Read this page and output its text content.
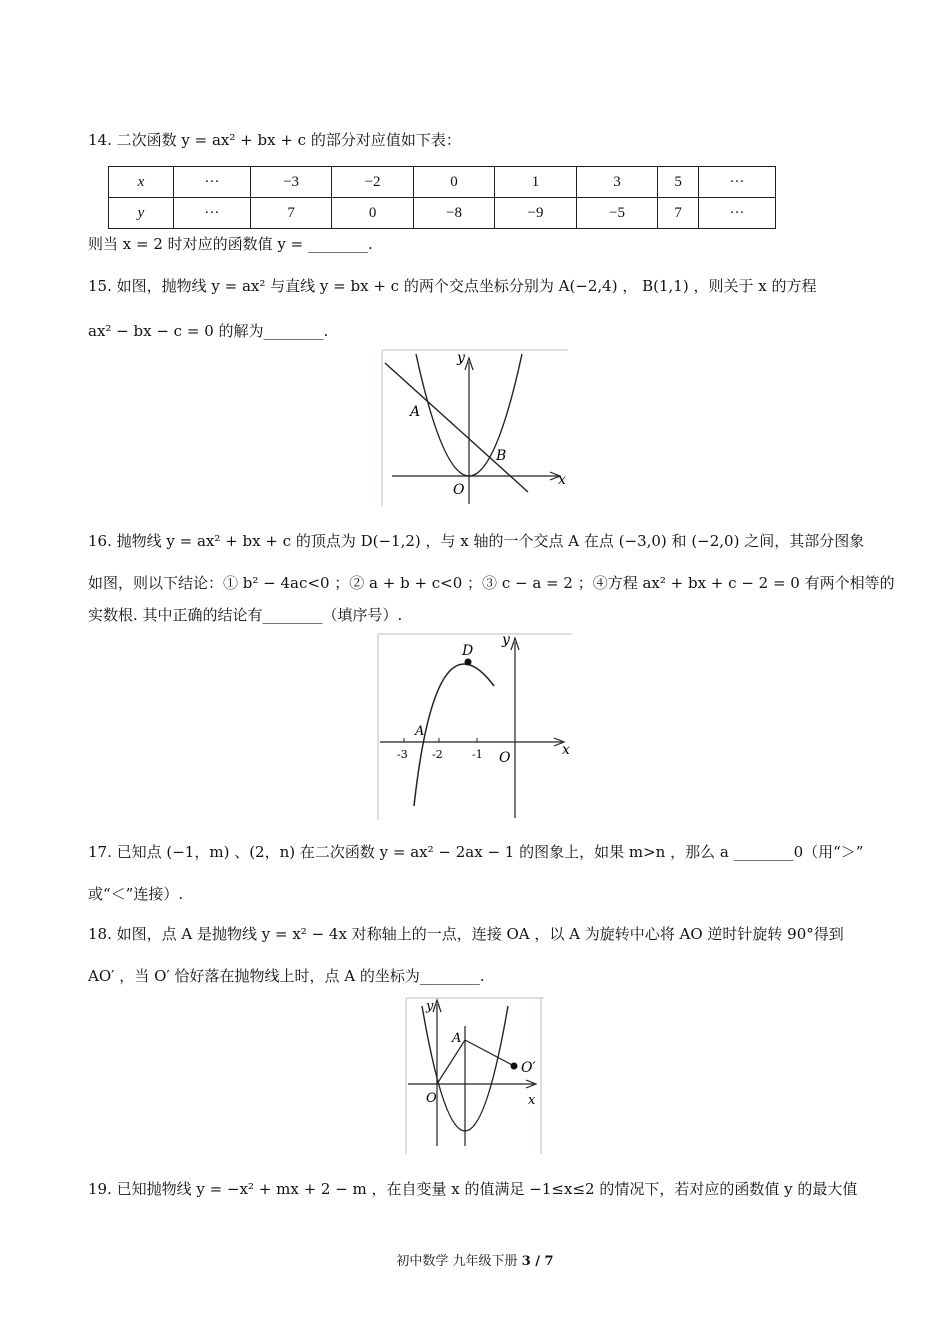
14. 二次函数 y = ax² + bx + c 的部分对应值如下表：
x	···	−3	−2	0	1	3	5	···
y	···	7	0	−8	−9	−5	7	···
则当 x = 2 时对应的函数值 y = ________.
15. 如图，抛物线 y = ax² 与直线 y = bx + c 的两个交点坐标分别为 A(−2,4) ， B(1,1) ，则关于 x 的方程
ax² − bx − c = 0 的解为________.
y
x
A
B
O
16. 抛物线 y = ax² + bx + c 的顶点为 D(−1,2) ，与 x 轴的一个交点 A 在点 (−3,0) 和 (−2,0) 之间，其部分图象
如图，则以下结论：① b² − 4ac<0 ；② a + b + c<0 ；③ c − a = 2 ；④方程 ax² + bx + c − 2 = 0 有两个相等的
实数根. 其中正确的结论有________（填序号）.
D
A
-3 -2	-1 O
y
x
17. 已知点 (−1，m) 、(2，n) 在二次函数 y = ax² − 2ax − 1 的图象上，如果 m>n ，那么 a ________0（用“＞”
或“＜”连接）.
18. 如图，点 A 是抛物线 y = x² − 4x 对称轴上的一点，连接 OA ，以 A 为旋转中心将 AO 逆时针旋转 90°得到
AO′ ，当 O′ 恰好落在抛物线上时，点 A 的坐标为________.
A
O′
O
y
x
19. 已知抛物线 y = −x² + mx + 2 − m ，在自变量 x 的值满足 −1≤x≤2 的情况下，若对应的函数值 y 的最大值
初中数学 九年级下册 3 / 7
